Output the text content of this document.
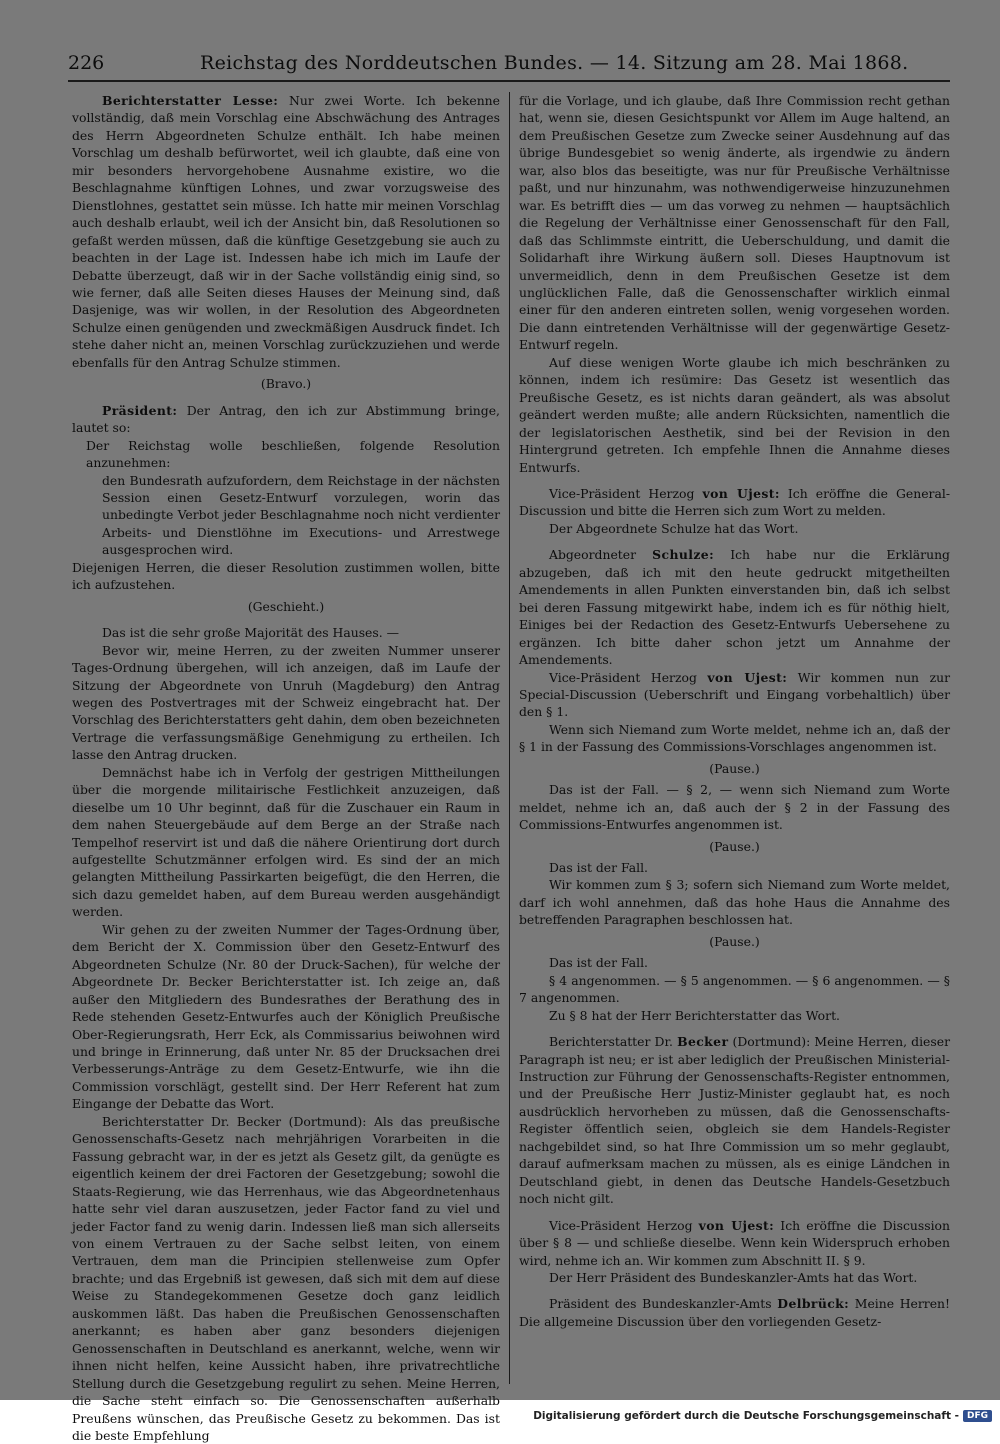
226	Reichstag des Norddeutschen Bundes. — 14. Sitzung am 28. Mai 1868.

Berichterstatter Lesse: Nur zwei Worte. Ich bekenne vollständig, daß mein Vorschlag eine Abschwächung des Antrages des Herrn Abgeordneten Schulze enthält. Ich habe meinen Vorschlag um deshalb befürwortet, weil ich glaubte, daß eine von mir besonders hervorgehobene Ausnahme existire, wo die Beschlagnahme künftigen Lohnes, und zwar vorzugsweise des Dienstlohnes, gestattet sein müsse. Ich hatte mir meinen Vorschlag auch deshalb erlaubt, weil ich der Ansicht bin, daß Resolutionen so gefaßt werden müssen, daß die künftige Gesetzgebung sie auch zu beachten in der Lage ist. Indessen habe ich mich im Laufe der Debatte überzeugt, daß wir in der Sache vollständig einig sind, so wie ferner, daß alle Seiten dieses Hauses der Meinung sind, daß Dasjenige, was wir wollen, in der Resolution des Abgeordneten Schulze einen genügenden und zweckmäßigen Ausdruck findet. Ich stehe daher nicht an, meinen Vorschlag zurückzuziehen und werde ebenfalls für den Antrag Schulze stimmen.

(Bravo.)

Präsident: Der Antrag, den ich zur Abstimmung bringe, lautet so:

Der Reichstag wolle beschließen, folgende Resolution anzunehmen:

den Bundesrath aufzufordern, dem Reichstage in der nächsten Session einen Gesetz-Entwurf vorzulegen, worin das unbedingte Verbot jeder Beschlagnahme noch nicht verdienter Arbeits- und Dienstlöhne im Executions- und Arrestwege ausgesprochen wird.

Diejenigen Herren, die dieser Resolution zustimmen wollen, bitte ich aufzustehen.

(Geschieht.)

Das ist die sehr große Majorität des Hauses. —

Bevor wir, meine Herren, zu der zweiten Nummer unserer Tages-Ordnung übergehen, will ich anzeigen, daß im Laufe der Sitzung der Abgeordnete von Unruh (Magdeburg) den Antrag wegen des Postvertrages mit der Schweiz eingebracht hat. Der Vorschlag des Berichterstatters geht dahin, dem oben bezeichneten Vertrage die verfassungsmäßige Genehmigung zu ertheilen. Ich lasse den Antrag drucken.

Demnächst habe ich in Verfolg der gestrigen Mittheilungen über die morgende militairische Festlichkeit anzuzeigen, daß dieselbe um 10 Uhr beginnt, daß für die Zuschauer ein Raum in dem nahen Steuergebäude auf dem Berge an der Straße nach Tempelhof reservirt ist und daß die nähere Orientirung dort durch aufgestellte Schutzmänner erfolgen wird. Es sind der an mich gelangten Mittheilung Passirkarten beigefügt, die den Herren, die sich dazu gemeldet haben, auf dem Bureau werden ausgehändigt werden.

Wir gehen zu der zweiten Nummer der Tages-Ordnung über, dem Bericht der X. Commission über den Gesetz-Entwurf des Abgeordneten Schulze (Nr. 80 der Druck-Sachen), für welche der Abgeordnete Dr. Becker Berichterstatter ist. Ich zeige an, daß außer den Mitgliedern des Bundesrathes der Berathung des in Rede stehenden Gesetz-Entwurfes auch der Königlich Preußische Ober-Regierungsrath, Herr Eck, als Commissarius beiwohnen wird und bringe in Erinnerung, daß unter Nr. 85 der Drucksachen drei Verbesserungs-Anträge zu dem Gesetz-Entwurfe, wie ihn die Commission vorschlägt, gestellt sind. Der Herr Referent hat zum Eingange der Debatte das Wort.

Berichterstatter Dr. Becker (Dortmund): Als das preußische Genossenschafts-Gesetz nach mehrjährigen Vorarbeiten in die Fassung gebracht war, in der es jetzt als Gesetz gilt, da genügte es eigentlich keinem der drei Factoren der Gesetzgebung; sowohl die Staats-Regierung, wie das Herrenhaus, wie das Abgeordnetenhaus hatte sehr viel daran auszusetzen, jeder Factor fand zu viel und jeder Factor fand zu wenig darin. Indessen ließ man sich allerseits von einem Vertrauen zu der Sache selbst leiten, von einem Vertrauen, dem man die Principien stellenweise zum Opfer brachte; und das Ergebniß ist gewesen, daß sich mit dem auf diese Weise zu Standegekommenen Gesetze doch ganz leidlich auskommen läßt. Das haben die Preußischen Genossenschaften anerkannt; es haben aber ganz besonders diejenigen Genossenschaften in Deutschland es anerkannt, welche, wenn wir ihnen nicht helfen, keine Aussicht haben, ihre privatrechtliche Stellung durch die Gesetzgebung regulirt zu sehen. Meine Herren, die Sache steht einfach so. Die Genossenschaften außerhalb Preußens wünschen, das Preußische Gesetz zu bekommen. Das ist die beste Empfehlung

für die Vorlage, und ich glaube, daß Ihre Commission recht gethan hat, wenn sie, diesen Gesichtspunkt vor Allem im Auge haltend, an dem Preußischen Gesetze zum Zwecke seiner Ausdehnung auf das übrige Bundesgebiet so wenig änderte, als irgendwie zu ändern war, also blos das beseitigte, was nur für Preußische Verhältnisse paßt, und nur hinzunahm, was nothwendigerweise hinzuzunehmen war. Es betrifft dies — um das vorweg zu nehmen — hauptsächlich die Regelung der Verhältnisse einer Genossenschaft für den Fall, daß das Schlimmste eintritt, die Ueberschuldung, und damit die Solidarhaft ihre Wirkung äußern soll. Dieses Hauptnovum ist unvermeidlich, denn in dem Preußischen Gesetze ist dem unglücklichen Falle, daß die Genossenschafter wirklich einmal einer für den anderen eintreten sollen, wenig vorgesehen worden. Die dann eintretenden Verhältnisse will der gegenwärtige Gesetz-Entwurf regeln.

Auf diese wenigen Worte glaube ich mich beschränken zu können, indem ich resümire: Das Gesetz ist wesentlich das Preußische Gesetz, es ist nichts daran geändert, als was absolut geändert werden mußte; alle andern Rücksichten, namentlich die der legislatorischen Aesthetik, sind bei der Revision in den Hintergrund getreten. Ich empfehle Ihnen die Annahme dieses Entwurfs.

Vice-Präsident Herzog von Ujest: Ich eröffne die General-Discussion und bitte die Herren sich zum Wort zu melden.

Der Abgeordnete Schulze hat das Wort.

Abgeordneter Schulze: Ich habe nur die Erklärung abzugeben, daß ich mit den heute gedruckt mitgetheilten Amendements in allen Punkten einverstanden bin, daß ich selbst bei deren Fassung mitgewirkt habe, indem ich es für nöthig hielt, Einiges bei der Redaction des Gesetz-Entwurfs Uebersehene zu ergänzen. Ich bitte daher schon jetzt um Annahme der Amendements.

Vice-Präsident Herzog von Ujest: Wir kommen nun zur Special-Discussion (Ueberschrift und Eingang vorbehaltlich) über den § 1.

Wenn sich Niemand zum Worte meldet, nehme ich an, daß der § 1 in der Fassung des Commissions-Vorschlages angenommen ist.

(Pause.)

Das ist der Fall. — § 2, — wenn sich Niemand zum Worte meldet, nehme ich an, daß auch der § 2 in der Fassung des Commissions-Entwurfes angenommen ist.

(Pause.)

Das ist der Fall.

Wir kommen zum § 3; sofern sich Niemand zum Worte meldet, darf ich wohl annehmen, daß das hohe Haus die Annahme des betreffenden Paragraphen beschlossen hat.

(Pause.)

Das ist der Fall.

§ 4 angenommen. — § 5 angenommen. — § 6 angenommen. — § 7 angenommen.

Zu § 8 hat der Herr Berichterstatter das Wort.

Berichterstatter Dr. Becker (Dortmund): Meine Herren, dieser Paragraph ist neu; er ist aber lediglich der Preußischen Ministerial-Instruction zur Führung der Genossenschafts-Register entnommen, und der Preußische Herr Justiz-Minister geglaubt hat, es noch ausdrücklich hervorheben zu müssen, daß die Genossenschafts-Register öffentlich seien, obgleich sie dem Handels-Register nachgebildet sind, so hat Ihre Commission um so mehr geglaubt, darauf aufmerksam machen zu müssen, als es einige Ländchen in Deutschland giebt, in denen das Deutsche Handels-Gesetzbuch noch nicht gilt.

Vice-Präsident Herzog von Ujest: Ich eröffne die Discussion über § 8 — und schließe dieselbe. Wenn kein Widerspruch erhoben wird, nehme ich an. Wir kommen zum Abschnitt II. § 9.

Der Herr Präsident des Bundeskanzler-Amts hat das Wort.

Präsident des Bundeskanzler-Amts Delbrück: Meine Herren! Die allgemeine Discussion über den vorliegenden Gesetz-

Digitalisierung gefördert durch die Deutsche Forschungsgemeinschaft - DFG
